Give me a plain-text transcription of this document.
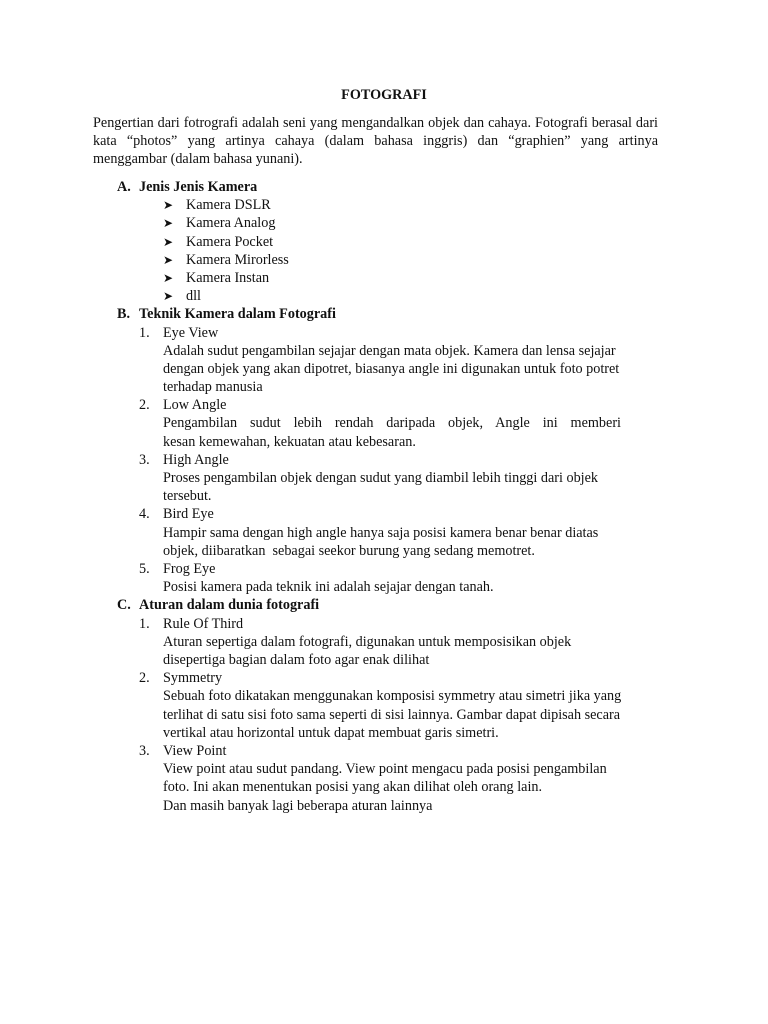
FOTOGRAFI

Pengertian dari fotrografi adalah seni yang mengandalkan objek dan cahaya. Fotografi berasal dari kata “photos” yang artinya cahaya (dalam bahasa inggris) dan “graphien” yang artinya menggambar (dalam bahasa yunani).

A. Jenis Jenis Kamera
➤ Kamera DSLR
➤ Kamera Analog
➤ Kamera Pocket
➤ Kamera Mirorless
➤ Kamera Instan
➤ dll
B. Teknik Kamera dalam Fotografi
1. Eye View

Adalah sudut pengambilan sejajar dengan mata objek. Kamera dan lensa sejajar
dengan objek yang akan dipotret, biasanya angle ini digunakan untuk foto potret
terhadap manusia

2. Low Angle

Pengambilan sudut lebih rendah daripada objek, Angle ini memberi
kesan kemewahan, kekuatan atau kebesaran.

3. High Angle

Proses pengambilan objek dengan sudut yang diambil lebih tinggi dari objek
tersebut.

4. Bird Eye

Hampir sama dengan high angle hanya saja posisi kamera benar benar diatas
objek, diibaratkan  sebagai seekor burung yang sedang memotret.

5. Frog Eye

Posisi kamera pada teknik ini adalah sejajar dengan tanah.

C. Aturan dalam dunia fotografi
1. Rule Of Third

Aturan sepertiga dalam fotografi, digunakan untuk memposisikan objek
disepertiga bagian dalam foto agar enak dilihat

2. Symmetry

Sebuah foto dikatakan menggunakan komposisi symmetry atau simetri jika yang
terlihat di satu sisi foto sama seperti di sisi lainnya. Gambar dapat dipisah secara
vertikal atau horizontal untuk dapat membuat garis simetri.

3. View Point

View point atau sudut pandang. View point mengacu pada posisi pengambilan
foto. Ini akan menentukan posisi yang akan dilihat oleh orang lain.
Dan masih banyak lagi beberapa aturan lainnya
